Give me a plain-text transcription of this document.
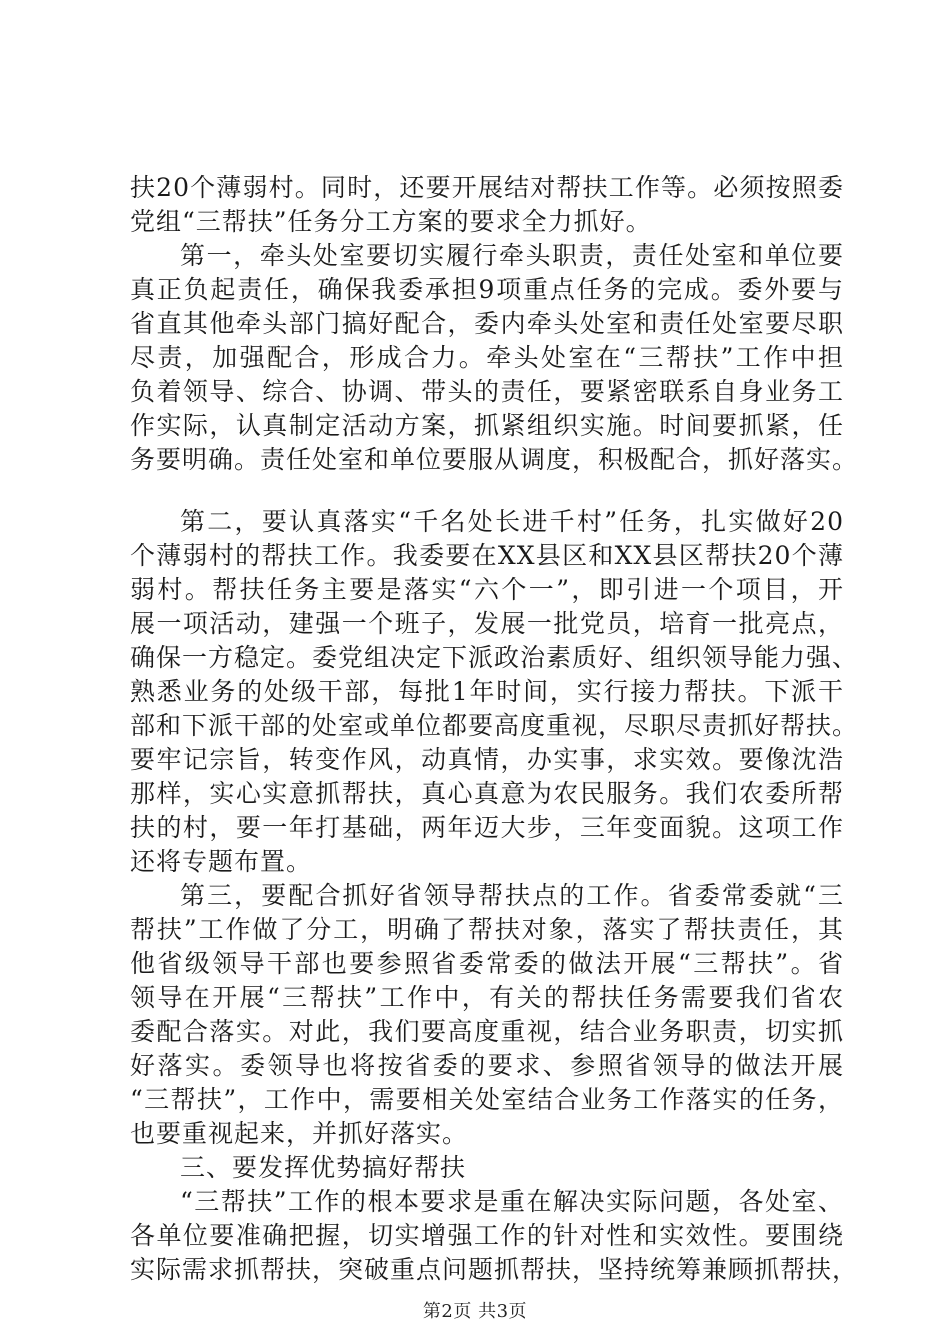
扶20个薄弱村。同时，还要开展结对帮扶工作等。必须按照委
党组“三帮扶”任务分工方案的要求全力抓好。
第一，牵头处室要切实履行牵头职责，责任处室和单位要
真正负起责任，确保我委承担9项重点任务的完成。委外要与
省直其他牵头部门搞好配合，委内牵头处室和责任处室要尽职
尽责，加强配合，形成合力。牵头处室在“三帮扶”工作中担
负着领导、综合、协调、带头的责任，要紧密联系自身业务工
作实际，认真制定活动方案，抓紧组织实施。时间要抓紧，任
务要明确。责任处室和单位要服从调度，积极配合，抓好落实。
第二，要认真落实“千名处长进千村”任务，扎实做好20
个薄弱村的帮扶工作。我委要在XX县区和XX县区帮扶20个薄
弱村。帮扶任务主要是落实“六个一”，即引进一个项目，开
展一项活动，建强一个班子，发展一批党员，培育一批亮点，
确保一方稳定。委党组决定下派政治素质好、组织领导能力强、
熟悉业务的处级干部，每批1年时间，实行接力帮扶。下派干
部和下派干部的处室或单位都要高度重视，尽职尽责抓好帮扶。
要牢记宗旨，转变作风，动真情，办实事，求实效。要像沈浩
那样，实心实意抓帮扶，真心真意为农民服务。我们农委所帮
扶的村，要一年打基础，两年迈大步，三年变面貌。这项工作
还将专题布置。
第三，要配合抓好省领导帮扶点的工作。省委常委就“三
帮扶”工作做了分工，明确了帮扶对象，落实了帮扶责任，其
他省级领导干部也要参照省委常委的做法开展“三帮扶”。省
领导在开展“三帮扶”工作中，有关的帮扶任务需要我们省农
委配合落实。对此，我们要高度重视，结合业务职责，切实抓
好落实。委领导也将按省委的要求、参照省领导的做法开展
“三帮扶”，工作中，需要相关处室结合业务工作落实的任务，
也要重视起来，并抓好落实。
三、要发挥优势搞好帮扶
“三帮扶”工作的根本要求是重在解决实际问题，各处室、
各单位要准确把握，切实增强工作的针对性和实效性。要围绕
实际需求抓帮扶，突破重点问题抓帮扶，坚持统筹兼顾抓帮扶，
第2页 共3页
